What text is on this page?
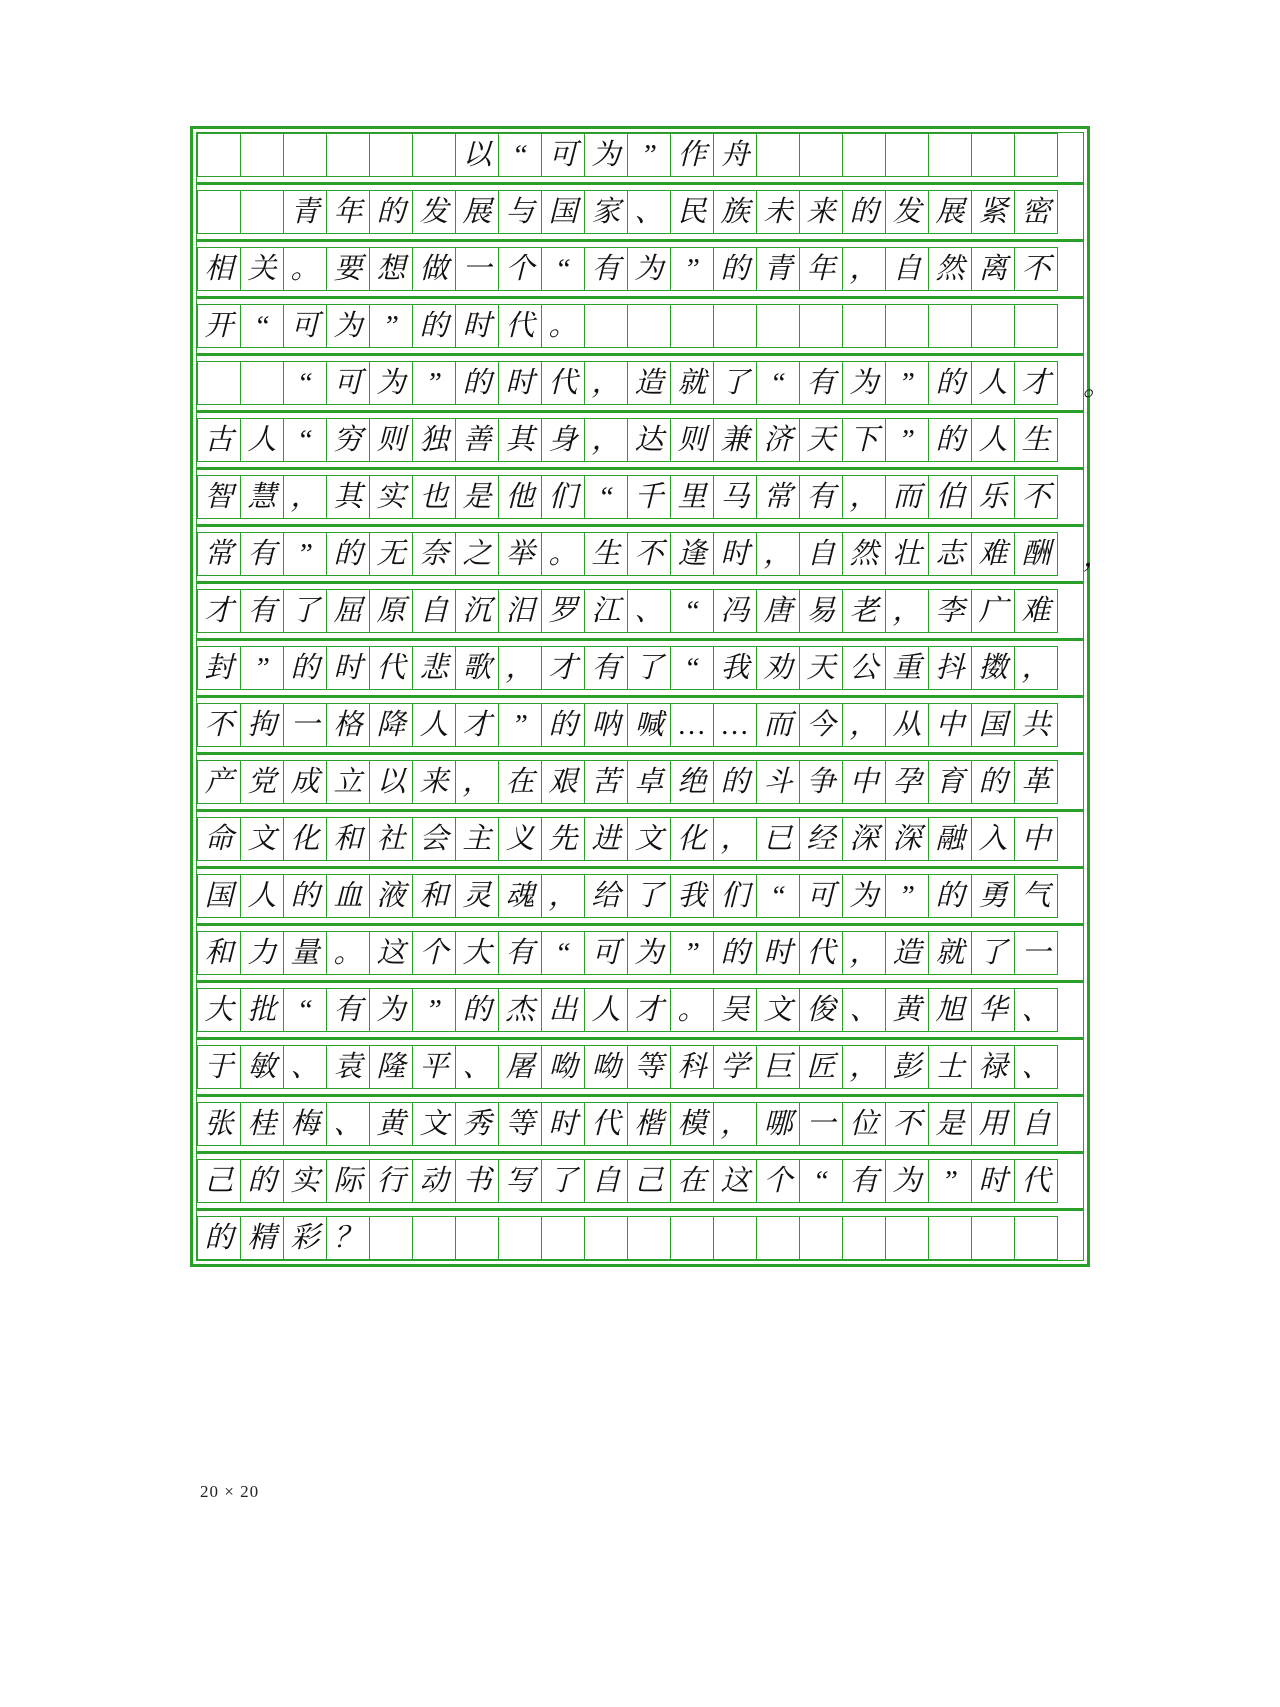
以 “ 可 为 ” 作 舟
青 年 的 发 展 与 国 家 、 民 族 未 来 的 发 展 紧 密
相 关 。 要 想 做 一 个 “ 有 为 ” 的 青 年 ， 自 然 离 不
开 “ 可 为 ” 的 时 代 。
“ 可 为 ” 的 时 代 ， 造 就 了 “ 有 为 ” 的 人 才 。
古 人 “ 穷 则 独 善 其 身 ， 达 则 兼 济 天 下 ” 的 人 生
智 慧 ， 其 实 也 是 他 们 “ 千 里 马 常 有 ， 而 伯 乐 不
常 有 ” 的 无 奈 之 举 。 生 不 逢 时 ， 自 然 壮 志 难 酬 ，
才 有 了 屈 原 自 沉 汨 罗 江 、 “ 冯 唐 易 老 ， 李 广 难
封 ” 的 时 代 悲 歌 ， 才 有 了 “ 我 劝 天 公 重 抖 擞 ，
不 拘 一 格 降 人 才 ” 的 呐 喊 … … 而 今 ， 从 中 国 共
产 党 成 立 以 来 ， 在 艰 苦 卓 绝 的 斗 争 中 孕 育 的 革
命 文 化 和 社 会 主 义 先 进 文 化 ， 已 经 深 深 融 入 中
国 人 的 血 液 和 灵 魂 ， 给 了 我 们 “ 可 为 ” 的 勇 气
和 力 量 。 这 个 大 有 “ 可 为 ” 的 时 代 ， 造 就 了 一
大 批 “ 有 为 ” 的 杰 出 人 才 。 吴 文 俊 、 黄 旭 华 、
于 敏 、 袁 隆 平 、 屠 呦 呦 等 科 学 巨 匠 ， 彭 士 禄 、
张 桂 梅 、 黄 文 秀 等 时 代 楷 模 ， 哪 一 位 不 是 用 自
己 的 实 际 行 动 书 写 了 自 己 在 这 个 “ 有 为 ” 时 代
的 精 彩 ？
20 × 20
